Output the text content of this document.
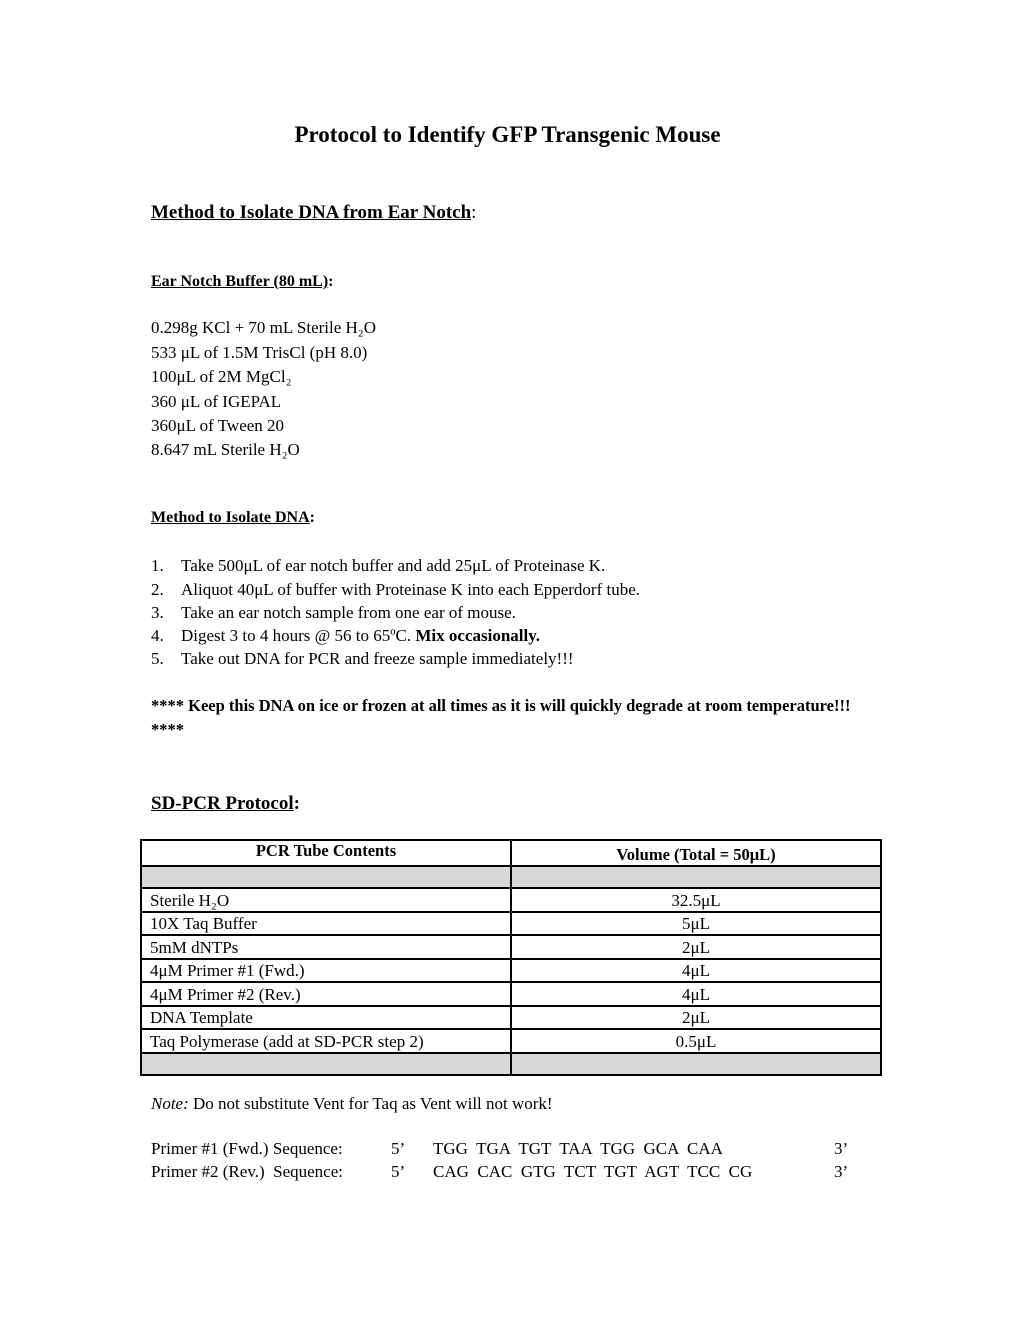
Protocol to Identify GFP Transgenic Mouse
Method to Isolate DNA from Ear Notch:
Ear Notch Buffer (80 mL):
0.298g KCl + 70 mL Sterile H₂O
533 μL of 1.5M TrisCl (pH 8.0)
100μL of 2M MgCl₂
360 μL of IGEPAL
360μL of Tween 20
8.647 mL Sterile H₂O
Method to Isolate DNA:
1. Take 500μL of ear notch buffer and add 25μL of Proteinase K.
2. Aliquot 40μL of buffer with Proteinase K into each Epperdorf tube.
3. Take an ear notch sample from one ear of mouse.
4. Digest 3 to 4 hours @ 56 to 65ºC. Mix occasionally.
5. Take out DNA for PCR and freeze sample immediately!!!
**** Keep this DNA on ice or frozen at all times as it is will quickly degrade at room temperature!!! ****
SD-PCR Protocol:
PCR Tube Contents	Volume (Total = 50μL)

Sterile H₂O	32.5μL
10X Taq Buffer	5μL
5mM dNTPs	2μL
4μM Primer #1 (Fwd.)	4μL
4μM Primer #2 (Rev.)	4μL
DNA Template	2μL
Taq Polymerase (add at SD-PCR step 2)	0.5μL

Note: Do not substitute Vent for Taq as Vent will not work!
Primer #1 (Fwd.) Sequence:	5’ TGG  TGA  TGT  TAA  TGG  GCA  CAA	3’
Primer #2 (Rev.)  Sequence:	5’ CAG  CAC  GTG  TCT  TGT  AGT  TCC  CG	3’
